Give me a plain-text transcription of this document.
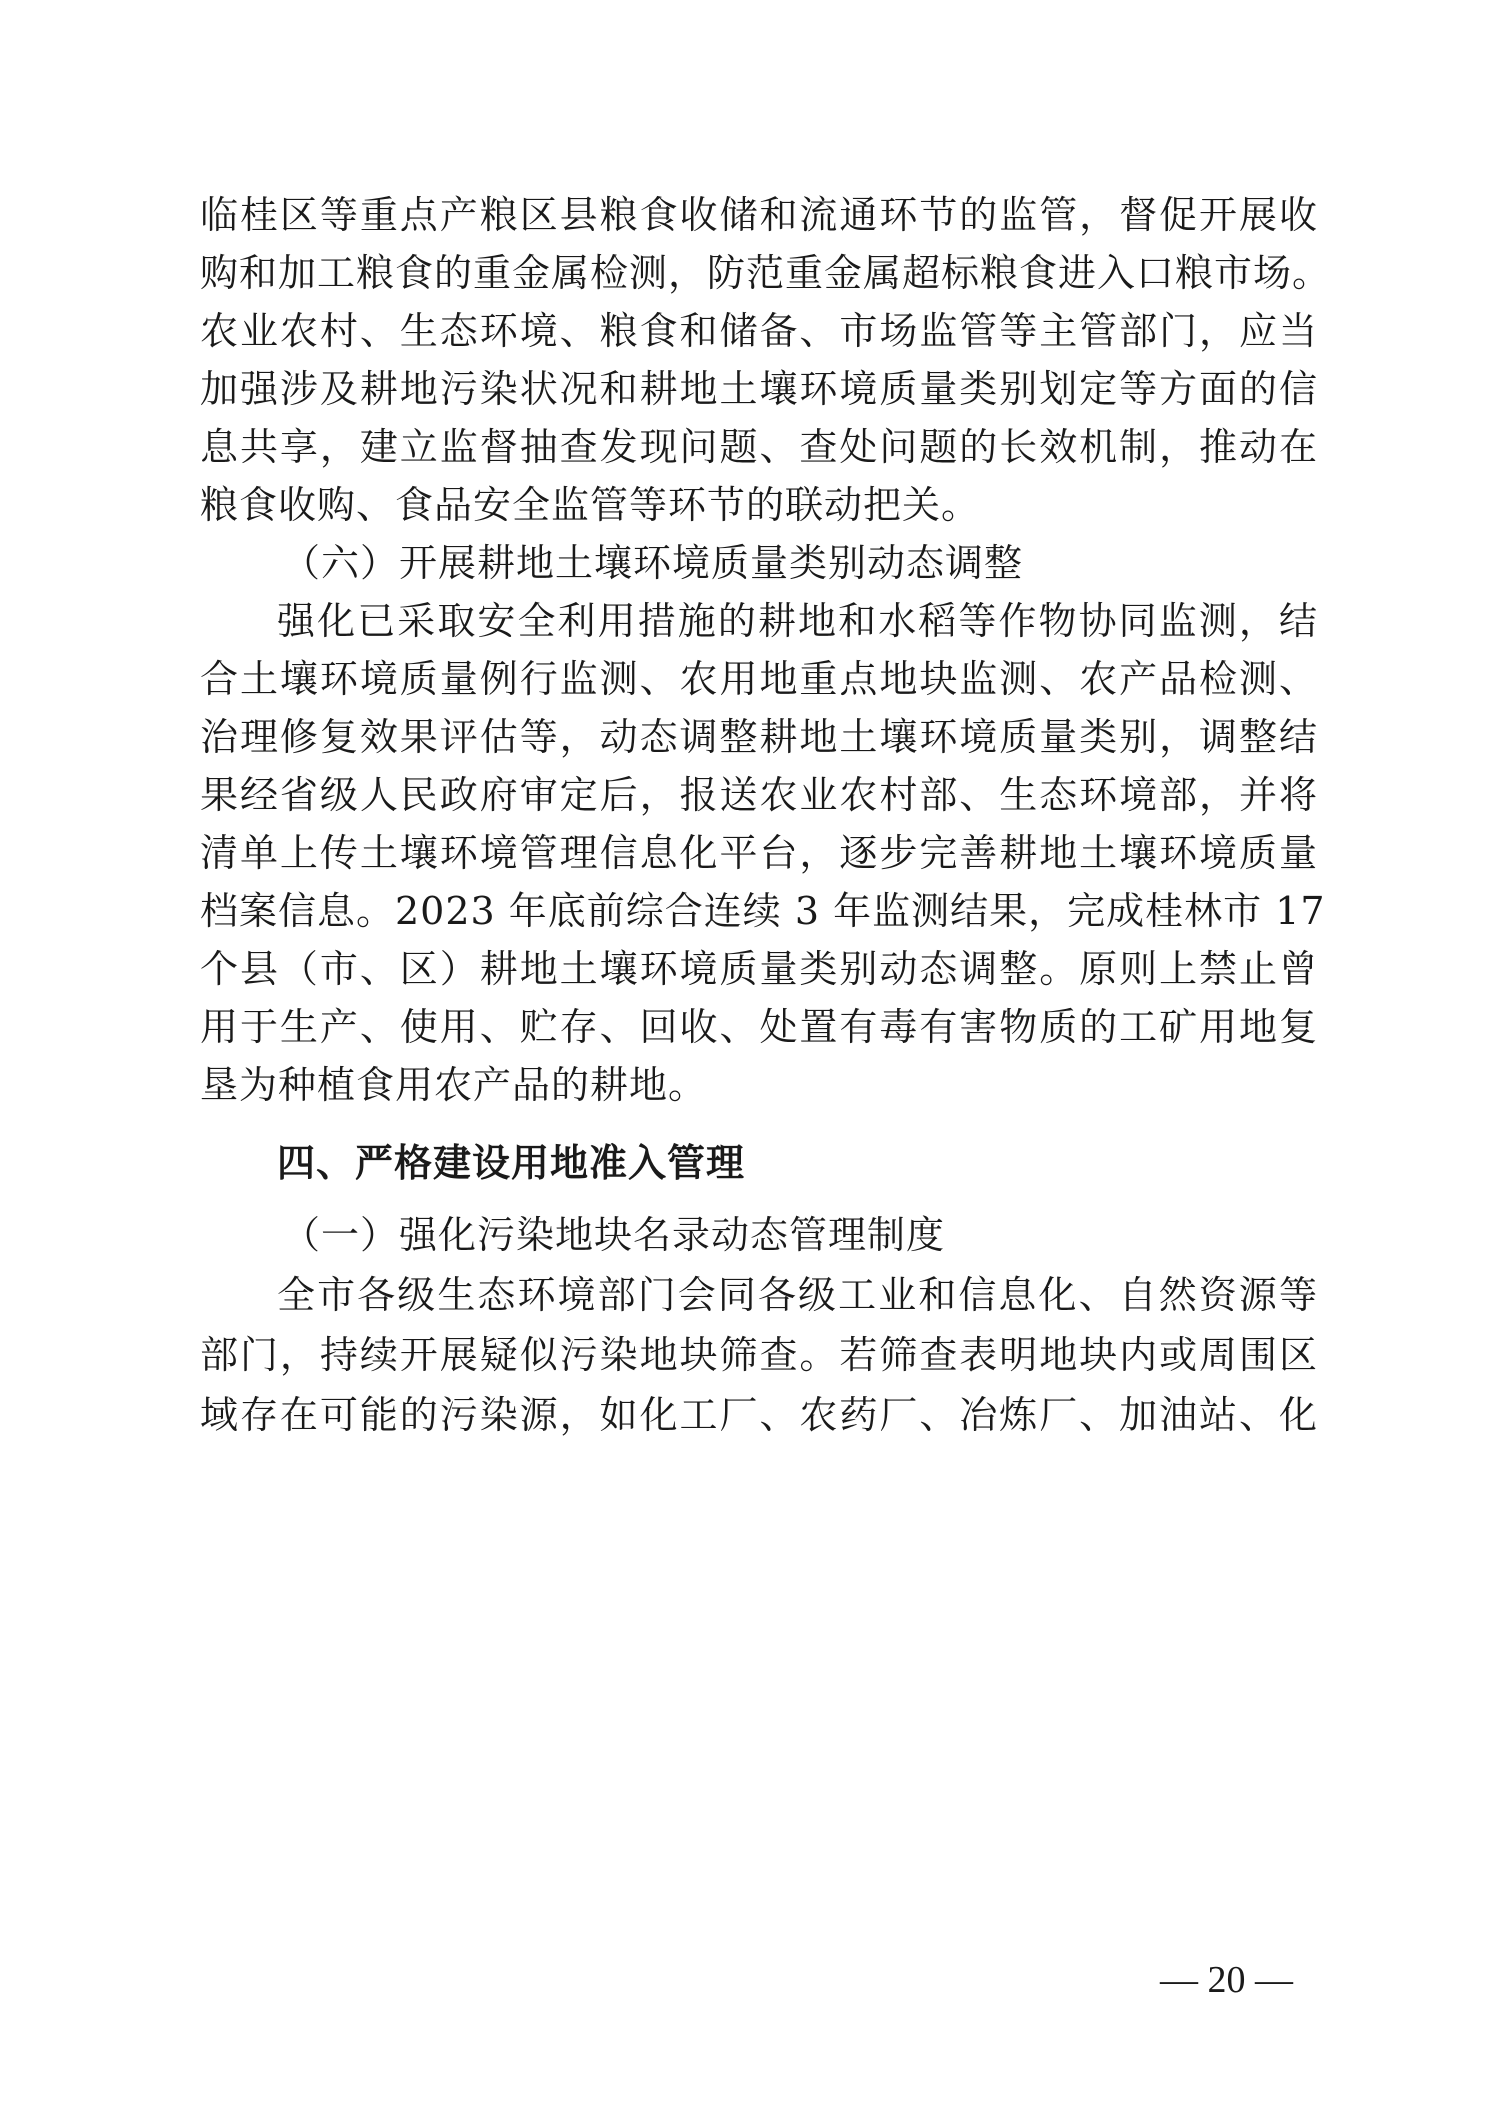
临桂区等重点产粮区县粮食收储和流通环节的监管，督促开展收
购和加工粮食的重金属检测，防范重金属超标粮食进入口粮市场。
农业农村、生态环境、粮食和储备、市场监管等主管部门，应当
加强涉及耕地污染状况和耕地土壤环境质量类别划定等方面的信
息共享，建立监督抽查发现问题、查处问题的长效机制，推动在
粮食收购、食品安全监管等环节的联动把关。
（六）开展耕地土壤环境质量类别动态调整
强化已采取安全利用措施的耕地和水稻等作物协同监测，结
合土壤环境质量例行监测、农用地重点地块监测、农产品检测、
治理修复效果评估等，动态调整耕地土壤环境质量类别，调整结
果经省级人民政府审定后，报送农业农村部、生态环境部，并将
清单上传土壤环境管理信息化平台，逐步完善耕地土壤环境质量
档案信息。2023 年底前综合连续 3 年监测结果，完成桂林市 17
个县（市、区）耕地土壤环境质量类别动态调整。原则上禁止曾
用于生产、使用、贮存、回收、处置有毒有害物质的工矿用地复
垦为种植食用农产品的耕地。
四、严格建设用地准入管理
（一）强化污染地块名录动态管理制度
全市各级生态环境部门会同各级工业和信息化、自然资源等
部门，持续开展疑似污染地块筛查。若筛查表明地块内或周围区
域存在可能的污染源，如化工厂、农药厂、冶炼厂、加油站、化
— 20 —
